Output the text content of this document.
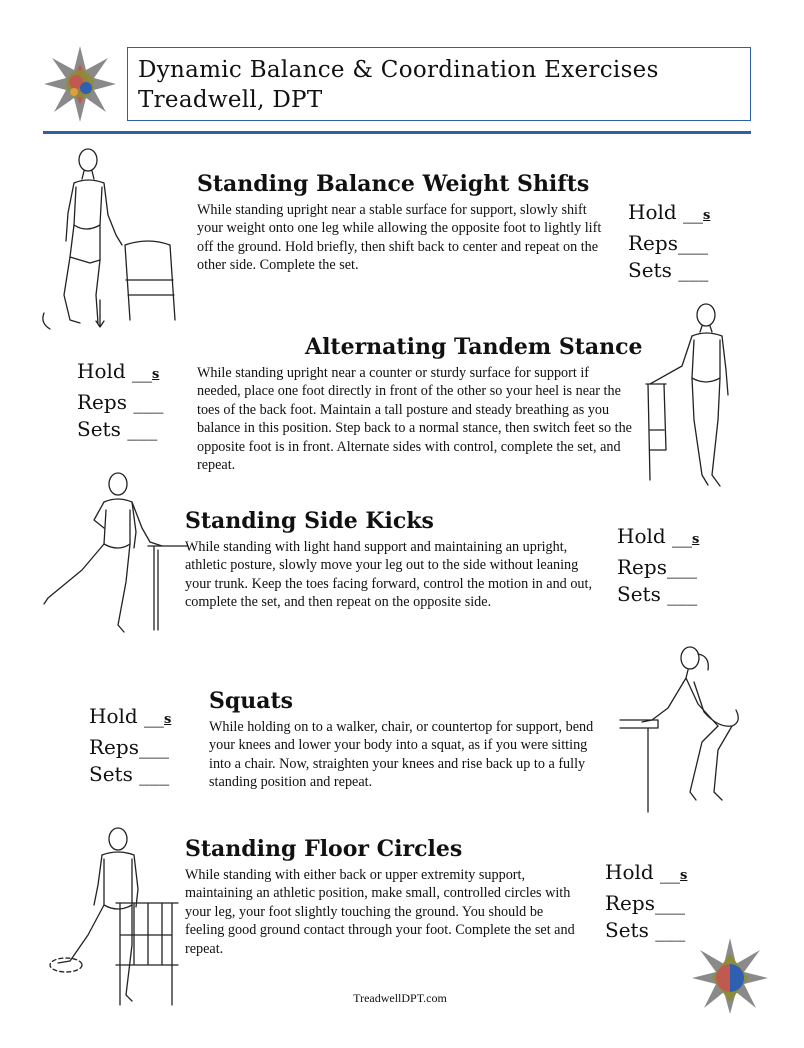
Dynamic Balance & Coordination Exercises
Treadwell, DPT
Standing Balance Weight Shifts
While standing upright near a stable surface for support, slowly shift your weight onto one leg while allowing the opposite foot to lightly lift off the ground. Hold briefly, then shift back to center and repeat on the other side. Complete the set.
Hold __s
Reps___
Sets ___
Hold __s
Reps ___
Sets ___
Alternating Tandem Stance
While standing upright near a counter or sturdy surface for support if needed, place one foot directly in front of the other so your heel is near the toes of the back foot. Maintain a tall posture and steady breathing as you balance in this position. Step back to a normal stance, then switch feet so the opposite foot is in front. Alternate sides with control, complete the set, and repeat.
Standing Side Kicks
While standing with light hand support and maintaining an upright, athletic posture, slowly move your leg out to the side without leaning your trunk. Keep the toes facing forward, control the motion in and out, complete the set, and then repeat on the opposite side.
Hold __s
Reps___
Sets ___
Hold __s
Reps___
Sets ___
Squats
While holding on to a walker, chair, or countertop for support, bend your knees and lower your body into a squat, as if you were sitting into a chair. Now, straighten your knees and rise back up to a fully standing position and repeat.
Standing Floor Circles
While standing with either back or upper extremity support, maintaining an athletic position, make small, controlled circles with your leg, your foot slightly touching the ground. You should be feeling good ground contact through your foot. Complete the set and repeat.
Hold __s
Reps___
Sets ___
TreadwellDPT.com
